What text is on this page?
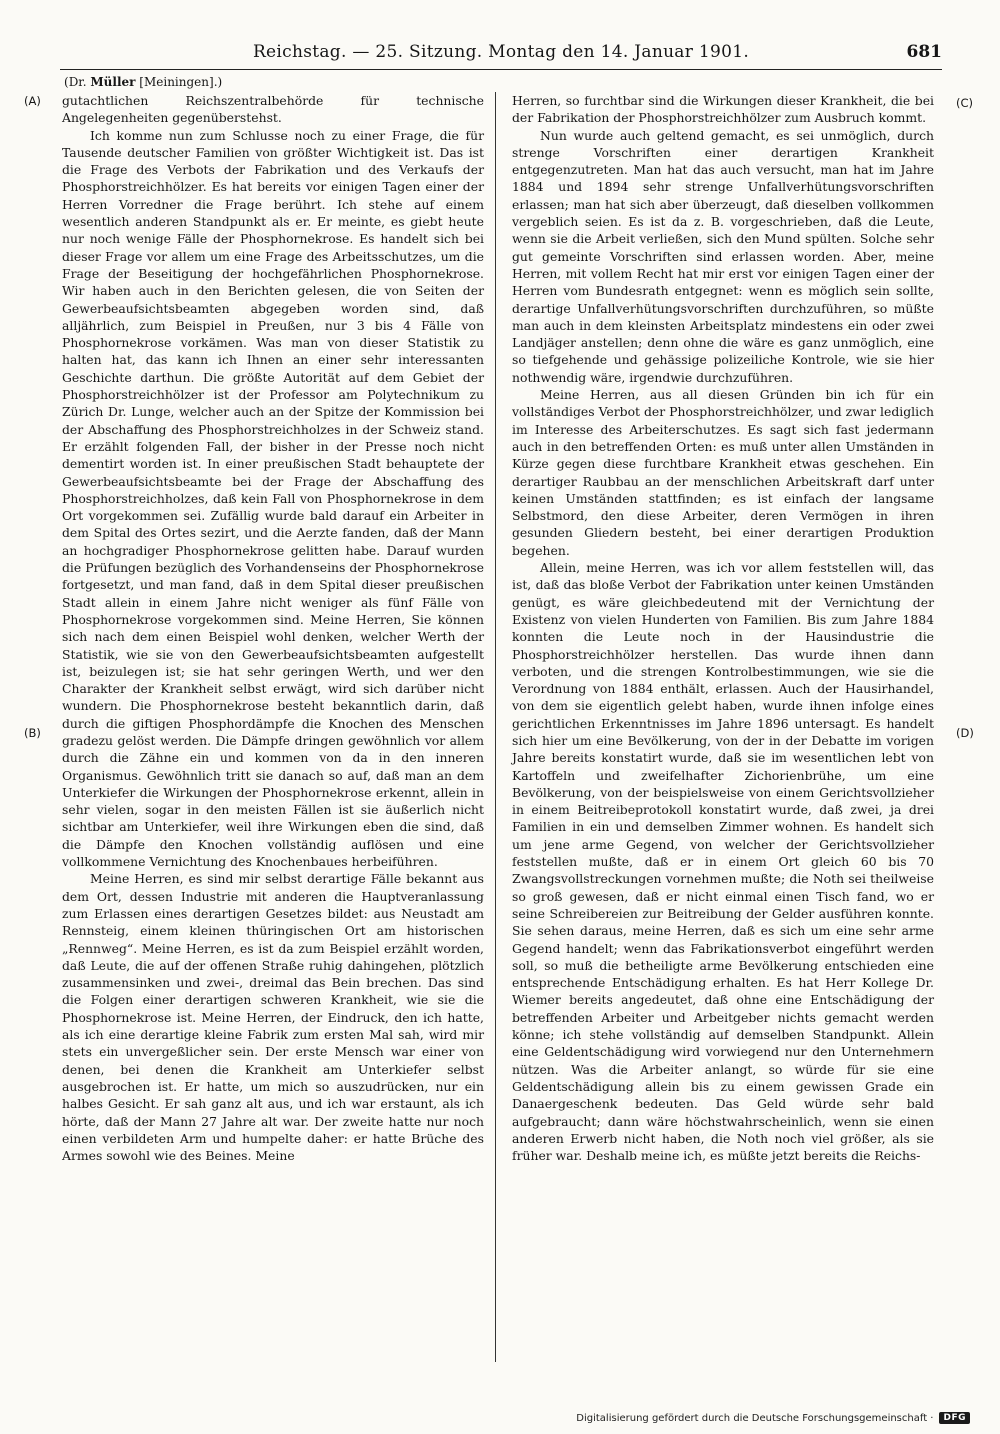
Reichstag. — 25. Sitzung. Montag den 14. Januar 1901.	681
(Dr. Müller [Meiningen].)
(A)
(B)
(C)
(D)

gutachtlichen Reichszentralbehörde für technische Angelegenheiten gegenüberstehst.

Ich komme nun zum Schlusse noch zu einer Frage, die für Tausende deutscher Familien von größter Wichtigkeit ist. Das ist die Frage des Verbots der Fabrikation und des Verkaufs der Phosphorstreichhölzer. Es hat bereits vor einigen Tagen einer der Herren Vorredner die Frage berührt. Ich stehe auf einem wesentlich anderen Standpunkt als er. Er meinte, es giebt heute nur noch wenige Fälle der Phosphornekrose. Es handelt sich bei dieser Frage vor allem um eine Frage des Arbeitsschutzes, um die Frage der Beseitigung der hochgefährlichen Phosphornekrose. Wir haben auch in den Berichten gelesen, die von Seiten der Gewerbeaufsichtsbeamten abgegeben worden sind, daß alljährlich, zum Beispiel in Preußen, nur 3 bis 4 Fälle von Phosphornekrose vorkämen. Was man von dieser Statistik zu halten hat, das kann ich Ihnen an einer sehr interessanten Geschichte darthun. Die größte Autorität auf dem Gebiet der Phosphorstreichhölzer ist der Professor am Polytechnikum zu Zürich Dr. Lunge, welcher auch an der Spitze der Kommission bei der Abschaffung des Phosphorstreichholzes in der Schweiz stand. Er erzählt folgenden Fall, der bisher in der Presse noch nicht dementirt worden ist. In einer preußischen Stadt behauptete der Gewerbeaufsichtsbeamte bei der Frage der Abschaffung des Phosphorstreichholzes, daß kein Fall von Phosphornekrose in dem Ort vorgekommen sei. Zufällig wurde bald darauf ein Arbeiter in dem Spital des Ortes sezirt, und die Aerzte fanden, daß der Mann an hochgradiger Phosphornekrose gelitten habe. Darauf wurden die Prüfungen bezüglich des Vorhandenseins der Phosphornekrose fortgesetzt, und man fand, daß in dem Spital dieser preußischen Stadt allein in einem Jahre nicht weniger als fünf Fälle von Phosphornekrose vorgekommen sind. Meine Herren, Sie können sich nach dem einen Beispiel wohl denken, welcher Werth der Statistik, wie sie von den Gewerbeaufsichtsbeamten aufgestellt ist, beizulegen ist; sie hat sehr geringen Werth, und wer den Charakter der Krankheit selbst erwägt, wird sich darüber nicht wundern. Die Phosphornekrose besteht bekanntlich darin, daß durch die giftigen Phosphordämpfe die Knochen des Menschen gradezu gelöst werden. Die Dämpfe dringen gewöhnlich vor allem durch die Zähne ein und kommen von da in den inneren Organismus. Gewöhnlich tritt sie danach so auf, daß man an dem Unterkiefer die Wirkungen der Phosphornekrose erkennt, allein in sehr vielen, sogar in den meisten Fällen ist sie äußerlich nicht sichtbar am Unterkiefer, weil ihre Wirkungen eben die sind, daß die Dämpfe den Knochen vollständig auflösen und eine vollkommene Vernichtung des Knochenbaues herbeiführen.

Meine Herren, es sind mir selbst derartige Fälle bekannt aus dem Ort, dessen Industrie mit anderen die Hauptveranlassung zum Erlassen eines derartigen Gesetzes bildet: aus Neustadt am Rennsteig, einem kleinen thüringischen Ort am historischen „Rennweg“. Meine Herren, es ist da zum Beispiel erzählt worden, daß Leute, die auf der offenen Straße ruhig dahingehen, plötzlich zusammensinken und zwei-, dreimal das Bein brechen. Das sind die Folgen einer derartigen schweren Krankheit, wie sie die Phosphornekrose ist. Meine Herren, der Eindruck, den ich hatte, als ich eine derartige kleine Fabrik zum ersten Mal sah, wird mir stets ein unvergeßlicher sein. Der erste Mensch war einer von denen, bei denen die Krankheit am Unterkiefer selbst ausgebrochen ist. Er hatte, um mich so auszudrücken, nur ein halbes Gesicht. Er sah ganz alt aus, und ich war erstaunt, als ich hörte, daß der Mann 27 Jahre alt war. Der zweite hatte nur noch einen verbildeten Arm und humpelte daher: er hatte Brüche des Armes sowohl wie des Beines. Meine

Herren, so furchtbar sind die Wirkungen dieser Krankheit, die bei der Fabrikation der Phosphorstreichhölzer zum Ausbruch kommt.

Nun wurde auch geltend gemacht, es sei unmöglich, durch strenge Vorschriften einer derartigen Krankheit entgegenzutreten. Man hat das auch versucht, man hat im Jahre 1884 und 1894 sehr strenge Unfallverhütungsvorschriften erlassen; man hat sich aber überzeugt, daß dieselben vollkommen vergeblich seien. Es ist da z. B. vorgeschrieben, daß die Leute, wenn sie die Arbeit verließen, sich den Mund spülten. Solche sehr gut gemeinte Vorschriften sind erlassen worden. Aber, meine Herren, mit vollem Recht hat mir erst vor einigen Tagen einer der Herren vom Bundesrath entgegnet: wenn es möglich sein sollte, derartige Unfallverhütungsvorschriften durchzuführen, so müßte man auch in dem kleinsten Arbeitsplatz mindestens ein oder zwei Landjäger anstellen; denn ohne die wäre es ganz unmöglich, eine so tiefgehende und gehässige polizeiliche Kontrole, wie sie hier nothwendig wäre, irgendwie durchzuführen.

Meine Herren, aus all diesen Gründen bin ich für ein vollständiges Verbot der Phosphorstreichhölzer, und zwar lediglich im Interesse des Arbeiterschutzes. Es sagt sich fast jedermann auch in den betreffenden Orten: es muß unter allen Umständen in Kürze gegen diese furchtbare Krankheit etwas geschehen. Ein derartiger Raubbau an der menschlichen Arbeitskraft darf unter keinen Umständen stattfinden; es ist einfach der langsame Selbstmord, den diese Arbeiter, deren Vermögen in ihren gesunden Gliedern besteht, bei einer derartigen Produktion begehen.

Allein, meine Herren, was ich vor allem feststellen will, das ist, daß das bloße Verbot der Fabrikation unter keinen Umständen genügt, es wäre gleichbedeutend mit der Vernichtung der Existenz von vielen Hunderten von Familien. Bis zum Jahre 1884 konnten die Leute noch in der Hausindustrie die Phosphorstreichhölzer herstellen. Das wurde ihnen dann verboten, und die strengen Kontrolbestimmungen, wie sie die Verordnung von 1884 enthält, erlassen. Auch der Hausirhandel, von dem sie eigentlich gelebt haben, wurde ihnen infolge eines gerichtlichen Erkenntnisses im Jahre 1896 untersagt. Es handelt sich hier um eine Bevölkerung, von der in der Debatte im vorigen Jahre bereits konstatirt wurde, daß sie im wesentlichen lebt von Kartoffeln und zweifelhafter Zichorienbrühe, um eine Bevölkerung, von der beispielsweise von einem Gerichtsvollzieher in einem Beitreibeprotokoll konstatirt wurde, daß zwei, ja drei Familien in ein und demselben Zimmer wohnen. Es handelt sich um jene arme Gegend, von welcher der Gerichtsvollzieher feststellen mußte, daß er in einem Ort gleich 60 bis 70 Zwangsvollstreckungen vornehmen mußte; die Noth sei theilweise so groß gewesen, daß er nicht einmal einen Tisch fand, wo er seine Schreibereien zur Beitreibung der Gelder ausführen konnte. Sie sehen daraus, meine Herren, daß es sich um eine sehr arme Gegend handelt; wenn das Fabrikationsverbot eingeführt werden soll, so muß die betheiligte arme Bevölkerung entschieden eine entsprechende Entschädigung erhalten. Es hat Herr Kollege Dr. Wiemer bereits angedeutet, daß ohne eine Entschädigung der betreffenden Arbeiter und Arbeitgeber nichts gemacht werden könne; ich stehe vollständig auf demselben Standpunkt. Allein eine Geldentschädigung wird vorwiegend nur den Unternehmern nützen. Was die Arbeiter anlangt, so würde für sie eine Geldentschädigung allein bis zu einem gewissen Grade ein Danaergeschenk bedeuten. Das Geld würde sehr bald aufgebraucht; dann wäre höchstwahrscheinlich, wenn sie einen anderen Erwerb nicht haben, die Noth noch viel größer, als sie früher war. Deshalb meine ich, es müßte jetzt bereits die Reichs-

Digitalisierung gefördert durch die Deutsche Forschungsgemeinschaft ·	DFG
